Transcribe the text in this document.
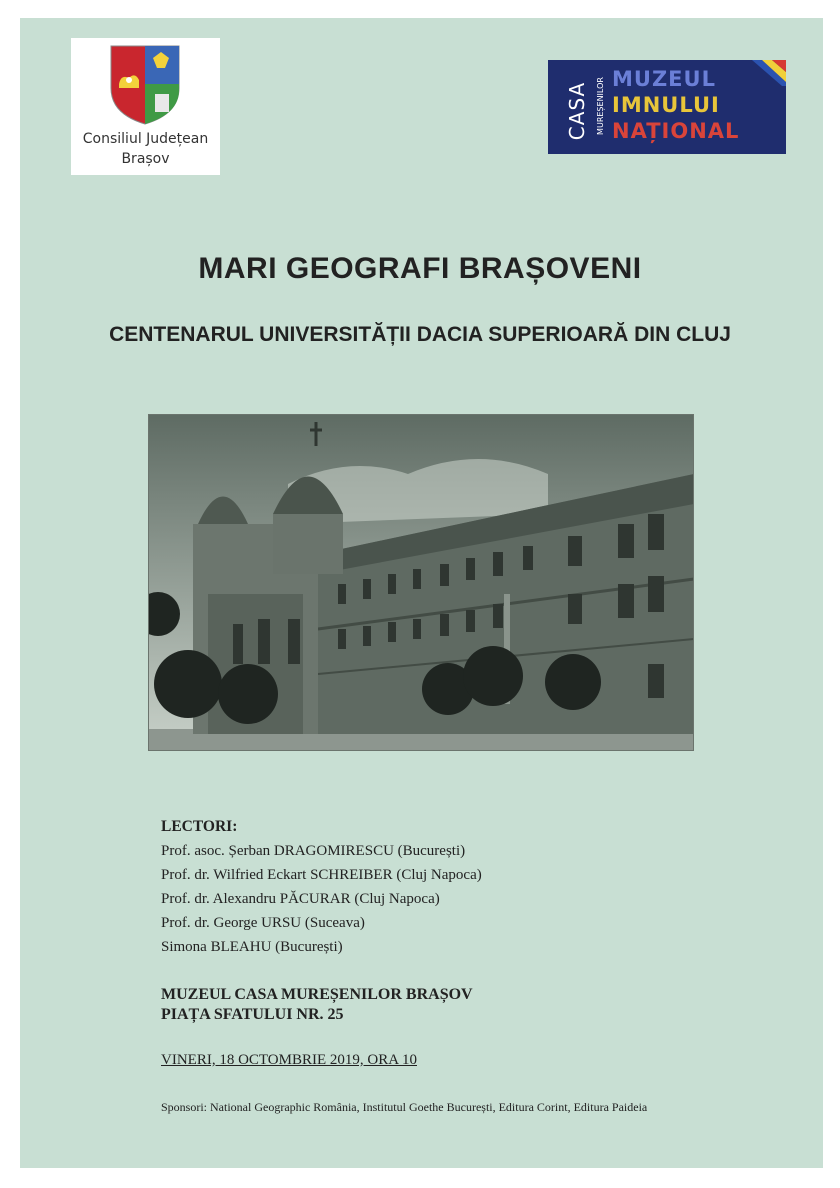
Consiliul Județean
Brașov
CASA MUREȘENILOR MUZEUL
IMNULUI
NAȚIONAL
MARI GEOGRAFI BRAȘOVENI
CENTENARUL UNIVERSITĂȚII DACIA SUPERIOARĂ DIN CLUJ
LECTORI:
Prof. asoc. Șerban DRAGOMIRESCU (București)
Prof. dr. Wilfried Eckart SCHREIBER (Cluj Napoca)
Prof. dr. Alexandru PĂCURAR (Cluj Napoca)
Prof. dr. George URSU (Suceava)
Simona BLEAHU (București)
MUZEUL CASA MUREȘENILOR BRAȘOV
PIAȚA SFATULUI NR. 25
VINERI, 18 OCTOMBRIE 2019, ORA 10
Sponsori: National Geographic România, Institutul Goethe București, Editura Corint, Editura Paideia
